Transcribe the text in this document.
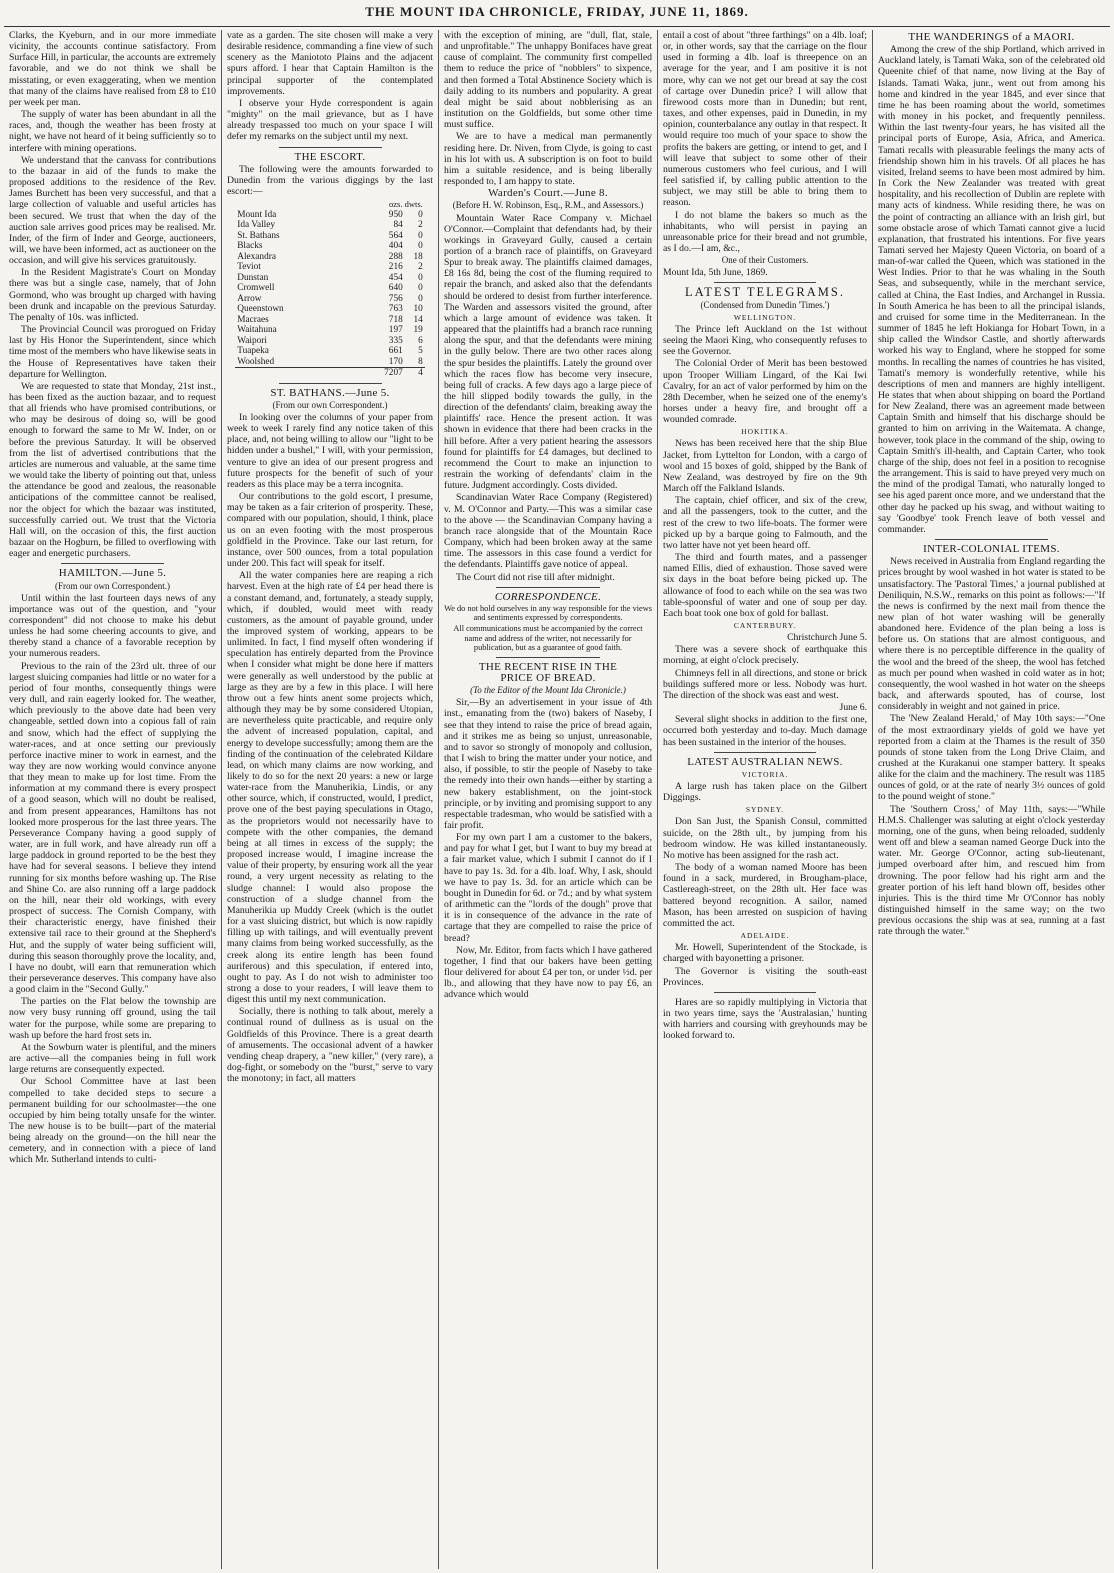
THE MOUNT IDA CHRONICLE, FRIDAY, JUNE 11, 1869.

Clarks, the Kyeburn, and in our more immediate vicinity, the accounts continue satisfactory. From Surface Hill, in particular, the accounts are extremely favorable, and we do not think we shall be misstating, or even exaggerating, when we mention that many of the claims have realised from £8 to £10 per week per man.

The supply of water has been abundant in all the races, and, though the weather has been frosty at night, we have not heard of it being sufficiently so to interfere with mining operations.

We understand that the canvass for contributions to the bazaar in aid of the funds to make the proposed additions to the residence of the Rev. James Burchett has been very successful, and that a large collection of valuable and useful articles has been secured. We trust that when the day of the auction sale arrives good prices may be realised. Mr. Inder, of the firm of Inder and George, auctioneers, will, we have been informed, act as auctioneer on the occasion, and will give his services gratuitously.

In the Resident Magistrate's Court on Monday there was but a single case, namely, that of John Gormond, who was brought up charged with having been drunk and incapable on the previous Saturday. The penalty of 10s. was inflicted.

The Provincial Council was prorogued on Friday last by His Honor the Superintendent, since which time most of the members who have likewise seats in the House of Representatives have taken their departure for Wellington.

We are requested to state that Monday, 21st inst., has been fixed as the auction bazaar, and to request that all friends who have promised contributions, or who may be desirous of doing so, will be good enough to forward the same to Mr W. Inder, on or before the previous Saturday. It will be observed from the list of advertised contributions that the articles are numerous and valuable, at the same time we would take the liberty of pointing out that, unless the attendance be good and zealous, the reasonable anticipations of the committee cannot be realised, nor the object for which the bazaar was instituted, successfully carried out. We trust that the Victoria Hall will, on the occasion of this, the first auction bazaar on the Hogburn, be filled to overflowing with eager and energetic purchasers.

HAMILTON.—June 5.

(From our own Correspondent.)

Until within the last fourteen days news of any importance was out of the question, and "your correspondent" did not choose to make his debut unless he had some cheering accounts to give, and thereby stand a chance of a favorable reception by your numerous readers.

Previous to the rain of the 23rd ult. three of our largest sluicing companies had little or no water for a period of four months, consequently things were very dull, and rain eagerly looked for. The weather, which previously to the above date had been very changeable, settled down into a copious fall of rain and snow, which had the effect of supplying the water-races, and at once setting our previously perforce inactive miner to work in earnest, and the way they are now working would convince anyone that they mean to make up for lost time. From the information at my command there is every prospect of a good season, which will no doubt be realised, and from present appearances, Hamiltons has not looked more prosperous for the last three years. The Perseverance Company having a good supply of water, are in full work, and have already run off a large paddock in ground reported to be the best they have had for several seasons. I believe they intend running for six months before washing up. The Rise and Shine Co. are also running off a large paddock on the hill, near their old workings, with every prospect of success. The Cornish Company, with their characteristic energy, have finished their extensive tail race to their ground at the Shepherd's Hut, and the supply of water being sufficient will, during this season thoroughly prove the locality, and, I have no doubt, will earn that remuneration which their perseverance deserves. This company have also a good claim in the "Second Gully."

The parties on the Flat below the township are now very busy running off ground, using the tail water for the purpose, while some are preparing to wash up before the hard frost sets in.

At the Sowburn water is plentiful, and the miners are active—all the companies being in full work large returns are consequently expected.

Our School Committee have at last been compelled to take decided steps to secure a permanent building for our schoolmaster—the one occupied by him being totally unsafe for the winter. The new house is to be built—part of the material being already on the ground—on the hill near the cemetery, and in connection with a piece of land which Mr. Sutherland intends to culti-

vate as a garden. The site chosen will make a very desirable residence, commanding a fine view of such scenery as the Maniototo Plains and the adjacent spurs afford. I hear that Captain Hamilton is the principal supporter of the contemplated improvements.

I observe your Hyde correspondent is again "mighty" on the mail grievance, but as I have already trespassed too much on your space I will defer my remarks on the subject until my next.

THE ESCORT.

The following were the amounts forwarded to Dunedin from the various diggings by the last escort:—

	ozs. dwts.	
Mount Ida	950	0
Ida Valley	84	2
St. Bathans	564	0
Blacks	404	0
Alexandra	288	18
Teviot	216	2
Dunstan	454	0
Cromwell	640	0
Arrow	756	0
Queenstown	763	10
Macraes	718	14
Waitahuna	197	19
Waipori	335	6
Tuapeka	661	5
Woolshed	170	8
	7207	4

ST. BATHANS.—June 5.

(From our own Correspondent.)

In looking over the columns of your paper from week to week I rarely find any notice taken of this place, and, not being willing to allow our "light to be hidden under a bushel," I will, with your permission, venture to give an idea of our present progress and future prospects for the benefit of such of your readers as this place may be a terra incognita.

Our contributions to the gold escort, I presume, may be taken as a fair criterion of prosperity. These, compared with our population, should, I think, place us on an even footing with the most prosperous goldfield in the Province. Take our last return, for instance, over 500 ounces, from a total population under 200. This fact will speak for itself.

All the water companies here are reaping a rich harvest. Even at the high rate of £4 per head there is a constant demand, and, fortunately, a steady supply, which, if doubled, would meet with ready customers, as the amount of payable ground, under the improved system of working, appears to be unlimited. In fact, I find myself often wondering if speculation has entirely departed from the Province when I consider what might be done here if matters were generally as well understood by the public at large as they are by a few in this place. I will here throw out a few hints anent some projects which, although they may be by some considered Utopian, are nevertheless quite practicable, and require only the advent of increased population, capital, and energy to develope successfully; among them are the finding of the continuation of the celebrated Kildare lead, on which many claims are now working, and likely to do so for the next 20 years: a new or large water-race from the Manuherikia, Lindis, or any other source, which, if constructed, would, I predict, prove one of the best paying speculations in Otago, as the proprietors would not necessarily have to compete with the other companies, the demand being at all times in excess of the supply; the proposed increase would, I imagine increase the value of their property, by ensuring work all the year round, a very urgent necessity as relating to the sludge channel: I would also propose the construction of a sludge channel from the Manuherikia up Muddy Creek (which is the outlet for a vast sluicing district, but which is now rapidly filling up with tailings, and will eventually prevent many claims from being worked successfully, as the creek along its entire length has been found auriferous) and this speculation, if entered into, ought to pay. As I do not wish to administer too strong a dose to your readers, I will leave them to digest this until my next communication.

Socially, there is nothing to talk about, merely a continual round of dullness as is usual on the Goldfields of this Province. There is a great dearth of amusements. The occasional advent of a hawker vending cheap drapery, a "new killer," (very rare), a dog-fight, or somebody on the "burst," serve to vary the monotony; in fact, all matters

with the exception of mining, are "dull, flat, stale, and unprofitable." The unhappy Bonifaces have great cause of complaint. The community first compelled them to reduce the price of "nobblers" to sixpence, and then formed a Total Abstinence Society which is daily adding to its numbers and popularity. A great deal might be said about nobblerising as an institution on the Goldfields, but some other time must suffice.

We are to have a medical man permanently residing here. Dr. Niven, from Clyde, is going to cast in his lot with us. A subscription is on foot to build him a suitable residence, and is being liberally responded to, I am happy to state.

Warden's Court.—June 8.

(Before H. W. Robinson, Esq., R.M., and Assessors.)

Mountain Water Race Company v. Michael O'Connor.—Complaint that defendants had, by their workings in Graveyard Gully, caused a certain portion of a branch race of plaintiffs, on Graveyard Spur to break away. The plaintiffs claimed damages, £8 16s 8d, being the cost of the fluming required to repair the branch, and asked also that the defendants should be ordered to desist from further interference. The Warden and assessors visited the ground, after which a large amount of evidence was taken. It appeared that the plaintiffs had a branch race running along the spur, and that the defendants were mining in the gully below. There are two other races along the spur besides the plaintiffs. Lately the ground over which the races flow has become very insecure, being full of cracks. A few days ago a large piece of the hill slipped bodily towards the gully, in the direction of the defendants' claim, breaking away the plaintiffs' race. Hence the present action. It was shown in evidence that there had been cracks in the hill before. After a very patient hearing the assessors found for plaintiffs for £4 damages, but declined to recommend the Court to make an injunction to restrain the working of defendants' claim in the future. Judgment accordingly. Costs divided.

Scandinavian Water Race Company (Registered) v. M. O'Connor and Party.—This was a similar case to the above — the Scandinavian Company having a branch race alongside that of the Mountain Race Company, which had been broken away at the same time. The assessors in this case found a verdict for the defendants. Plaintiffs gave notice of appeal.

The Court did not rise till after midnight.

CORRESPONDENCE.

We do not hold ourselves in any way responsible for the views and sentiments expressed by correspondents.

All communications must be accompanied by the correct name and address of the writer, not necessarily for publication, but as a guarantee of good faith.

THE RECENT RISE IN THE

PRICE OF BREAD.

(To the Editor of the Mount Ida Chronicle.)

Sir,—By an advertisement in your issue of 4th inst., emanating from the (two) bakers of Naseby, I see that they intend to raise the price of bread again, and it strikes me as being so unjust, unreasonable, and to savor so strongly of monopoly and collusion, that I wish to bring the matter under your notice, and also, if possible, to stir the people of Naseby to take the remedy into their own hands—either by starting a new bakery establishment, on the joint-stock principle, or by inviting and promising support to any respectable tradesman, who would be satisfied with a fair profit.

For my own part I am a customer to the bakers, and pay for what I get, but I want to buy my bread at a fair market value, which I submit I cannot do if I have to pay 1s. 3d. for a 4lb. loaf. Why, I ask, should we have to pay 1s. 3d. for an article which can be bought in Dunedin for 6d. or 7d.; and by what system of arithmetic can the "lords of the dough" prove that it is in consequence of the advance in the rate of cartage that they are compelled to raise the price of bread?

Now, Mr. Editor, from facts which I have gathered together, I find that our bakers have been getting flour delivered for about £4 per ton, or under ½d. per lb., and allowing that they have now to pay £6, an advance which would

entail a cost of about "three farthings" on a 4lb. loaf; or, in other words, say that the carriage on the flour used in forming a 4lb. loaf is threepence on an average for the year, and I am positive it is not more, why can we not get our bread at say the cost of cartage over Dunedin price? I will allow that firewood costs more than in Dunedin; but rent, taxes, and other expenses, paid in Dunedin, in my opinion, counterbalance any outlay in that respect. It would require too much of your space to show the profits the bakers are getting, or intend to get, and I will leave that subject to some other of their numerous customers who feel curious, and I will feel satisfied if, by calling public attention to the subject, we may still be able to bring them to reason.

I do not blame the bakers so much as the inhabitants, who will persist in paying an unreasonable price for their bread and not grumble, as I do.—I am, &c.,

One of their Customers.

Mount Ida, 5th June, 1869.

LATEST TELEGRAMS.

(Condensed from Dunedin 'Times.')

WELLINGTON.

The Prince left Auckland on the 1st without seeing the Maori King, who consequently refuses to see the Governor.

The Colonial Order of Merit has been bestowed upon Trooper William Lingard, of the Kai Iwi Cavalry, for an act of valor performed by him on the 28th December, when he seized one of the enemy's horses under a heavy fire, and brought off a wounded comrade.

HOKITIKA.

News has been received here that the ship Blue Jacket, from Lyttelton for London, with a cargo of wool and 15 boxes of gold, shipped by the Bank of New Zealand, was destroyed by fire on the 9th March off the Falkland Islands.

The captain, chief officer, and six of the crew, and all the passengers, took to the cutter, and the rest of the crew to two life-boats. The former were picked up by a barque going to Falmouth, and the two latter have not yet been heard off.

The third and fourth mates, and a passenger named Ellis, died of exhaustion. Those saved were six days in the boat before being picked up. The allowance of food to each while on the sea was two table-spoonsful of water and one of soup per day. Each boat took one box of gold for ballast.

CANTERBURY.

Christchurch June 5.

There was a severe shock of earthquake this morning, at eight o'clock precisely.

Chimneys fell in all directions, and stone or brick buildings suffered more or less. Nobody was hurt. The direction of the shock was east and west.

June 6.

Several slight shocks in addition to the first one, occurred both yesterday and to-day. Much damage has been sustained in the interior of the houses.

LATEST AUSTRALIAN NEWS.

VICTORIA.

A large rush has taken place on the Gilbert Diggings.

SYDNEY.

Don San Just, the Spanish Consul, committed suicide, on the 28th ult., by jumping from his bedroom window. He was killed instantaneously. No motive has been assigned for the rash act.

The body of a woman named Moore has been found in a sack, murdered, in Brougham-place, Castlereagh-street, on the 28th ult. Her face was battered beyond recognition. A sailor, named Mason, has been arrested on suspicion of having committed the act.

ADELAIDE.

Mr. Howell, Superintendent of the Stockade, is charged with bayonetting a prisoner.

The Governor is visiting the south-east Provinces.

Hares are so rapidly multiplying in Victoria that in two years time, says the 'Australasian,' hunting with harriers and coursing with greyhounds may be looked forward to.

THE WANDERINGS of a MAORI.

Among the crew of the ship Portland, which arrived in Auckland lately, is Tamati Waka, son of the celebrated old Queenite chief of that name, now living at the Bay of Islands. Tamati Waka, junr., went out from among his home and kindred in the year 1845, and ever since that time he has been roaming about the world, sometimes with money in his pocket, and frequently penniless. Within the last twenty-four years, he has visited all the principal ports of Europe, Asia, Africa, and America. Tamati recalls with pleasurable feelings the many acts of friendship shown him in his travels. Of all places he has visited, Ireland seems to have been most admired by him. In Cork the New Zealander was treated with great hospitality, and his recollection of Dublin are replete with many acts of kindness. While residing there, he was on the point of contracting an alliance with an Irish girl, but some obstacle arose of which Tamati cannot give a lucid explanation, that frustrated his intentions. For five years Tamati served her Majesty Queen Victoria, on board of a man-of-war called the Queen, which was stationed in the West Indies. Prior to that he was whaling in the South Seas, and subsequently, while in the merchant service, called at China, the East Indies, and Archangel in Russia. In South America he has been to all the principal islands, and cruised for some time in the Mediterranean. In the summer of 1845 he left Hokianga for Hobart Town, in a ship called the Windsor Castle, and shortly afterwards worked his way to England, where he stopped for some months. In recalling the names of countries he has visited, Tamati's memory is wonderfully retentive, while his descriptions of men and manners are highly intelligent. He states that when about shipping on board the Portland for New Zealand, there was an agreement made between Captain Smith and himself that his discharge should be granted to him on arriving in the Waitemata. A change, however, took place in the command of the ship, owing to Captain Smith's ill-health, and Captain Carter, who took charge of the ship, does not feel in a position to recognise the arrangement. This is said to have preyed very much on the mind of the prodigal Tamati, who naturally longed to see his aged parent once more, and we understand that the other day he packed up his swag, and without waiting to say 'Goodbye' took French leave of both vessel and commander.

INTER-COLONIAL ITEMS.

News received in Australia from England regarding the prices brought by wool washed in hot water is stated to be unsatisfactory. The 'Pastoral Times,' a journal published at Deniliquin, N.S.W., remarks on this point as follows:—"If the news is confirmed by the next mail from thence the new plan of hot water washing will be generally abandoned here. Evidence of the plan being a loss is before us. On stations that are almost contiguous, and where there is no perceptible difference in the quality of the wool and the breed of the sheep, the wool has fetched as much per pound when washed in cold water as in hot; consequently, the wool washed in hot water on the sheeps back, and afterwards spouted, has of course, lost considerably in weight and not gained in price.

The 'New Zealand Herald,' of May 10th says:—"One of the most extraordinary yields of gold we have yet reported from a claim at the Thames is the result of 350 pounds of stone taken from the Long Drive Claim, and crushed at the Kurakanui one stamper battery. It speaks alike for the claim and the machinery. The result was 1185 ounces of gold, or at the rate of nearly 3½ ounces of gold to the pound weight of stone."

The 'Southern Cross,' of May 11th, says:—"While H.M.S. Challenger was saluting at eight o'clock yesterday morning, one of the guns, when being reloaded, suddenly went off and blew a seaman named George Duck into the water. Mr. George O'Connor, acting sub-lieutenant, jumped overboard after him, and rescued him from drowning. The poor fellow had his right arm and the greater portion of his left hand blown off, besides other injuries. This is the third time Mr O'Connor has nobly distinguished himself in the same way; on the two previous occasions the ship was at sea, running at a fast rate through the water."
